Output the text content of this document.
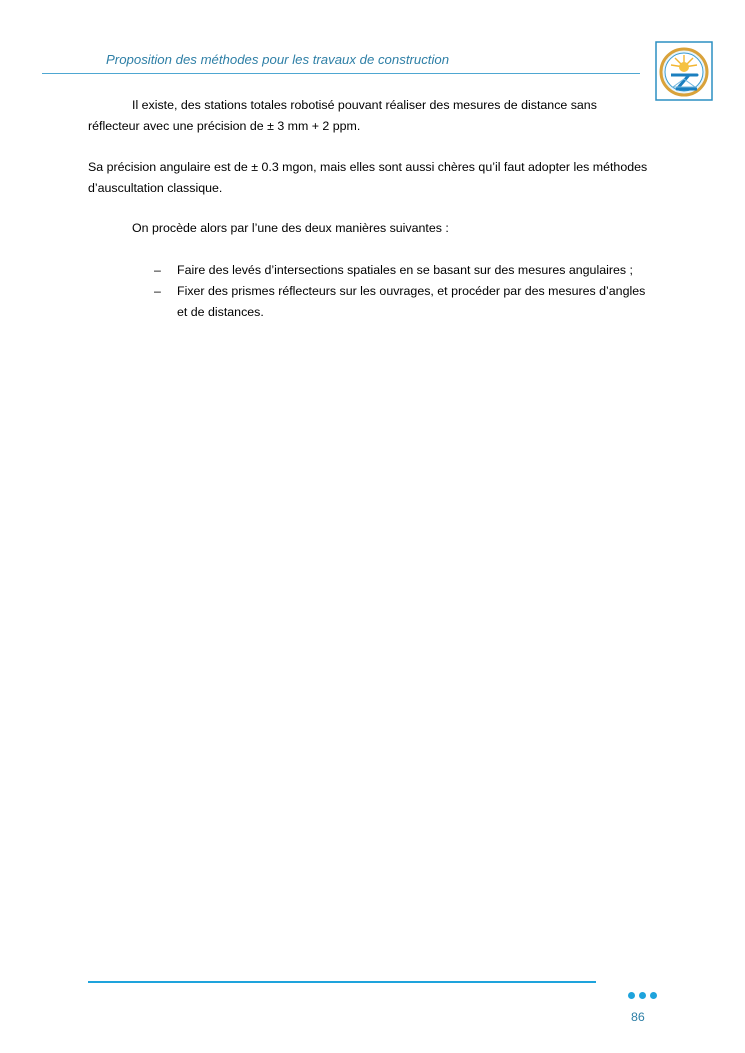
Proposition des méthodes pour les travaux de construction

Il existe, des stations totales robotisé pouvant réaliser des mesures de distance sans réflecteur avec une précision de ± 3 mm + 2 ppm.

Sa précision angulaire est de ± 0.3 mgon, mais elles sont aussi chères qu’il faut adopter les méthodes d’auscultation classique.

On procède alors par l’une des deux manières suivantes :

– Faire des levés d’intersections spatiales en se basant sur des mesures angulaires ;
– Fixer des prismes réflecteurs sur les ouvrages, et procéder par des mesures d’angles et de distances.
86
